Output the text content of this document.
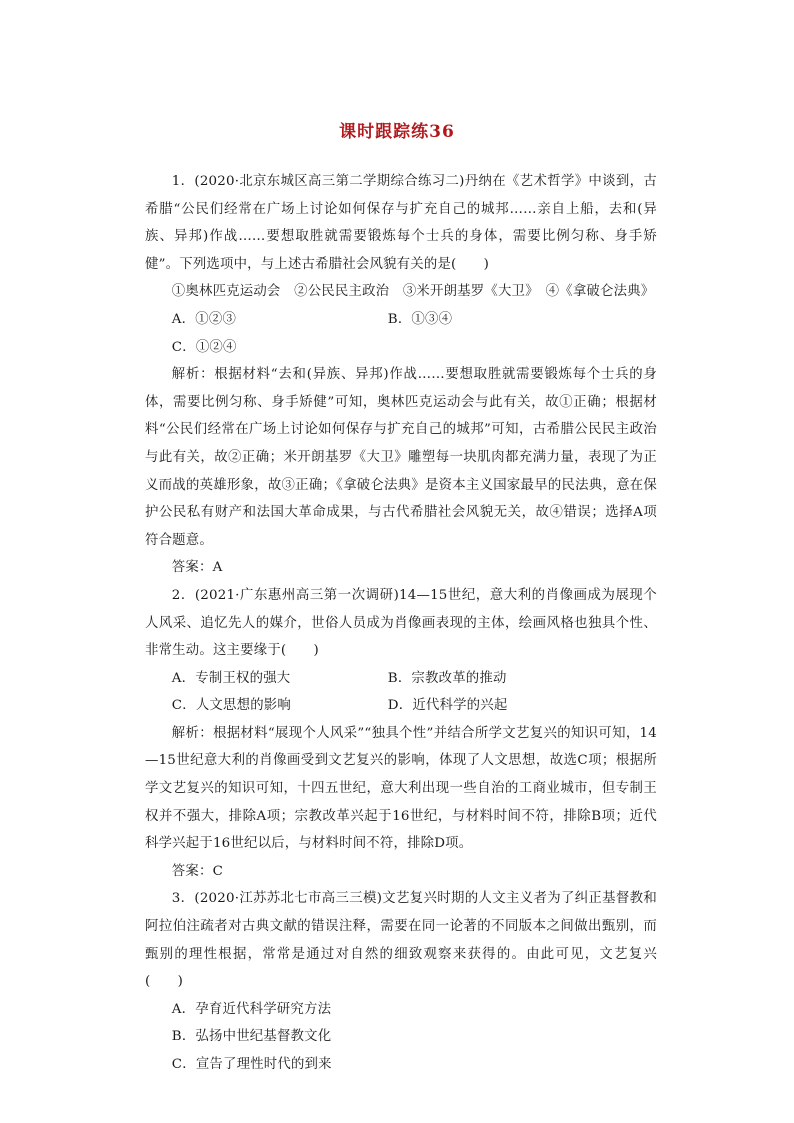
课时跟踪练36

1．(2020·北京东城区高三第二学期综合练习二)丹纳在《艺术哲学》中谈到，古希腊“公民们经常在广场上讨论如何保存与扩充自己的城邦……亲自上船，去和(异族、异邦)作战……要想取胜就需要锻炼每个士兵的身体，需要比例匀称、身手矫健”。下列选项中，与上述古希腊社会风貌有关的是(　　)

①奥林匹克运动会　②公民民主政治　③米开朗基罗《大卫》　④《拿破仑法典》

A．①②③	B．①③④
C．①②④

解析：根据材料“去和(异族、异邦)作战……要想取胜就需要锻炼每个士兵的身体，需要比例匀称、身手矫健”可知，奥林匹克运动会与此有关，故①正确；根据材料“公民们经常在广场上讨论如何保存与扩充自己的城邦”可知，古希腊公民民主政治与此有关，故②正确；米开朗基罗《大卫》雕塑每一块肌肉都充满力量，表现了为正义而战的英雄形象，故③正确；《拿破仑法典》是资本主义国家最早的民法典，意在保护公民私有财产和法国大革命成果，与古代希腊社会风貌无关，故④错误；选择A项符合题意。

答案：A

2．(2021·广东惠州高三第一次调研)14—15世纪，意大利的肖像画成为展现个人风采、追忆先人的媒介，世俗人员成为肖像画表现的主体，绘画风格也独具个性、非常生动。这主要缘于(　　)

A．专制王权的强大	B．宗教改革的推动
C．人文思想的影响	D．近代科学的兴起

解析：根据材料“展现个人风采”“独具个性”并结合所学文艺复兴的知识可知，14—15世纪意大利的肖像画受到文艺复兴的影响，体现了人文思想，故选C项；根据所学文艺复兴的知识可知，十四五世纪，意大利出现一些自治的工商业城市，但专制王权并不强大，排除A项；宗教改革兴起于16世纪，与材料时间不符，排除B项；近代科学兴起于16世纪以后，与材料时间不符，排除D项。

答案：C

3．(2020·江苏苏北七市高三三模)文艺复兴时期的人文主义者为了纠正基督教和阿拉伯注疏者对古典文献的错误注释，需要在同一论著的不同版本之间做出甄别，而甄别的理性根据，常常是通过对自然的细致观察来获得的。由此可见，文艺复兴(　　)

A．孕育近代科学研究方法

B．弘扬中世纪基督教文化

C．宣告了理性时代的到来
